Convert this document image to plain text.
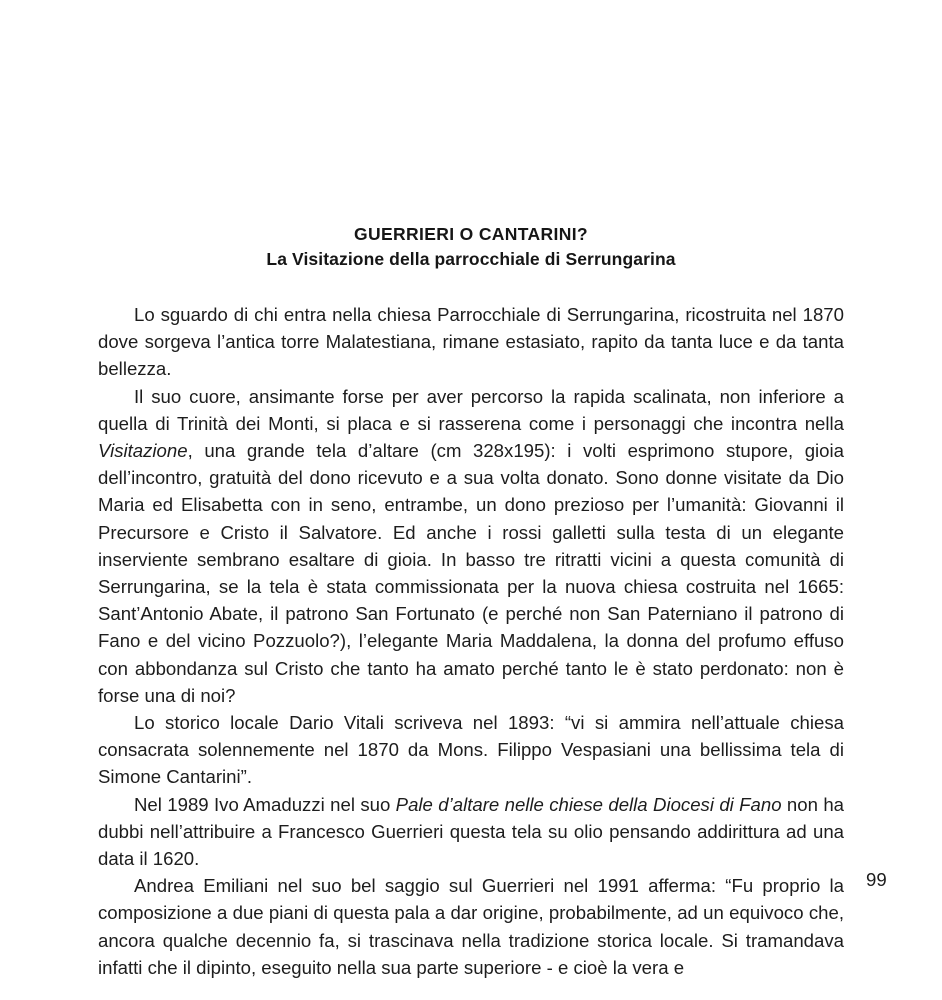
GUERRIERI O CANTARINI?
La Visitazione della parrocchiale di Serrungarina

Lo sguardo di chi entra nella chiesa Parrocchiale di Serrungarina, ricostruita nel 1870 dove sorgeva l’antica torre Malatestiana, rimane estasiato, rapito da tanta luce e da tanta bellezza.

Il suo cuore, ansimante forse per aver percorso la rapida scalinata, non inferiore a quella di Trinità dei Monti, si placa e si rasserena come i personaggi che incontra nella Visitazione, una grande tela d’altare (cm 328x195): i volti esprimono stupore, gioia dell’incontro, gratuità del dono ricevuto e a sua volta donato. Sono donne visitate da Dio Maria ed Elisabetta con in seno, entrambe, un dono prezioso per l’umanità: Giovanni il Precursore e Cristo il Salvatore. Ed anche i rossi galletti sulla testa di un elegante inserviente sembrano esaltare di gioia. In basso tre ritratti vicini a questa comunità di Serrungarina, se la tela è stata commissionata per la nuova chiesa costruita nel 1665: Sant’Antonio Abate, il patrono San Fortunato (e perché non San Paterniano il patrono di Fano e del vicino Pozzuolo?), l’elegante Maria Maddalena, la donna del profumo effuso con abbondanza sul Cristo che tanto ha amato perché tanto le è stato perdonato: non è forse una di noi?

Lo storico locale Dario Vitali scriveva nel 1893: “vi si ammira nell’attuale chiesa consacrata solennemente nel 1870 da Mons. Filippo Vespasiani una bellissima tela di Simone Cantarini”.

Nel 1989 Ivo Amaduzzi nel suo Pale d’altare nelle chiese della Diocesi di Fano non ha dubbi nell’attribuire a Francesco Guerrieri questa tela su olio pensando addirittura ad una data il 1620.

Andrea Emiliani nel suo bel saggio sul Guerrieri nel 1991 afferma: “Fu proprio la composizione a due piani di questa pala a dar origine, probabilmente, ad un equivoco che, ancora qualche decennio fa, si trascinava nella tradizione storica locale. Si tramandava infatti che il dipinto, eseguito nella sua parte superiore - e cioè la vera e

99
